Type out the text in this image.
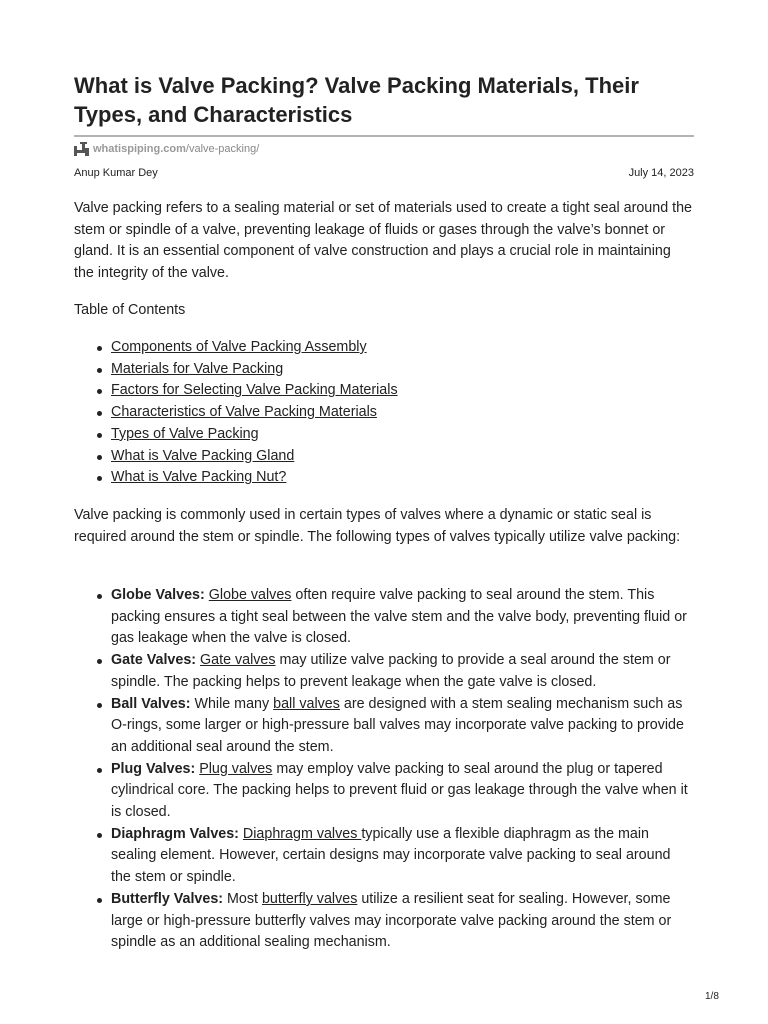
What is Valve Packing? Valve Packing Materials, Their Types, and Characteristics
whatispiping.com /valve-packing/
Anup Kumar Dey	July 14, 2023

Valve packing refers to a sealing material or set of materials used to create a tight seal around the stem or spindle of a valve, preventing leakage of fluids or gases through the valve’s bonnet or gland. It is an essential component of valve construction and plays a crucial role in maintaining the integrity of the valve.

Table of Contents

Components of Valve Packing Assembly
Materials for Valve Packing
Factors for Selecting Valve Packing Materials
Characteristics of Valve Packing Materials
Types of Valve Packing
What is Valve Packing Gland
What is Valve Packing Nut?

Valve packing is commonly used in certain types of valves where a dynamic or static seal is required around the stem or spindle. The following types of valves typically utilize valve packing:

Globe Valves: Globe valves often require valve packing to seal around the stem. This packing ensures a tight seal between the valve stem and the valve body, preventing fluid or gas leakage when the valve is closed.
Gate Valves: Gate valves may utilize valve packing to provide a seal around the stem or spindle. The packing helps to prevent leakage when the gate valve is closed.
Ball Valves: While many ball valves are designed with a stem sealing mechanism such as O-rings, some larger or high-pressure ball valves may incorporate valve packing to provide an additional seal around the stem.
Plug Valves: Plug valves may employ valve packing to seal around the plug or tapered cylindrical core. The packing helps to prevent fluid or gas leakage through the valve when it is closed.
Diaphragm Valves: Diaphragm valves typically use a flexible diaphragm as the main sealing element. However, certain designs may incorporate valve packing to seal around the stem or spindle.
Butterfly Valves: Most butterfly valves utilize a resilient seat for sealing. However, some large or high-pressure butterfly valves may incorporate valve packing around the stem or spindle as an additional sealing mechanism.
1/8
